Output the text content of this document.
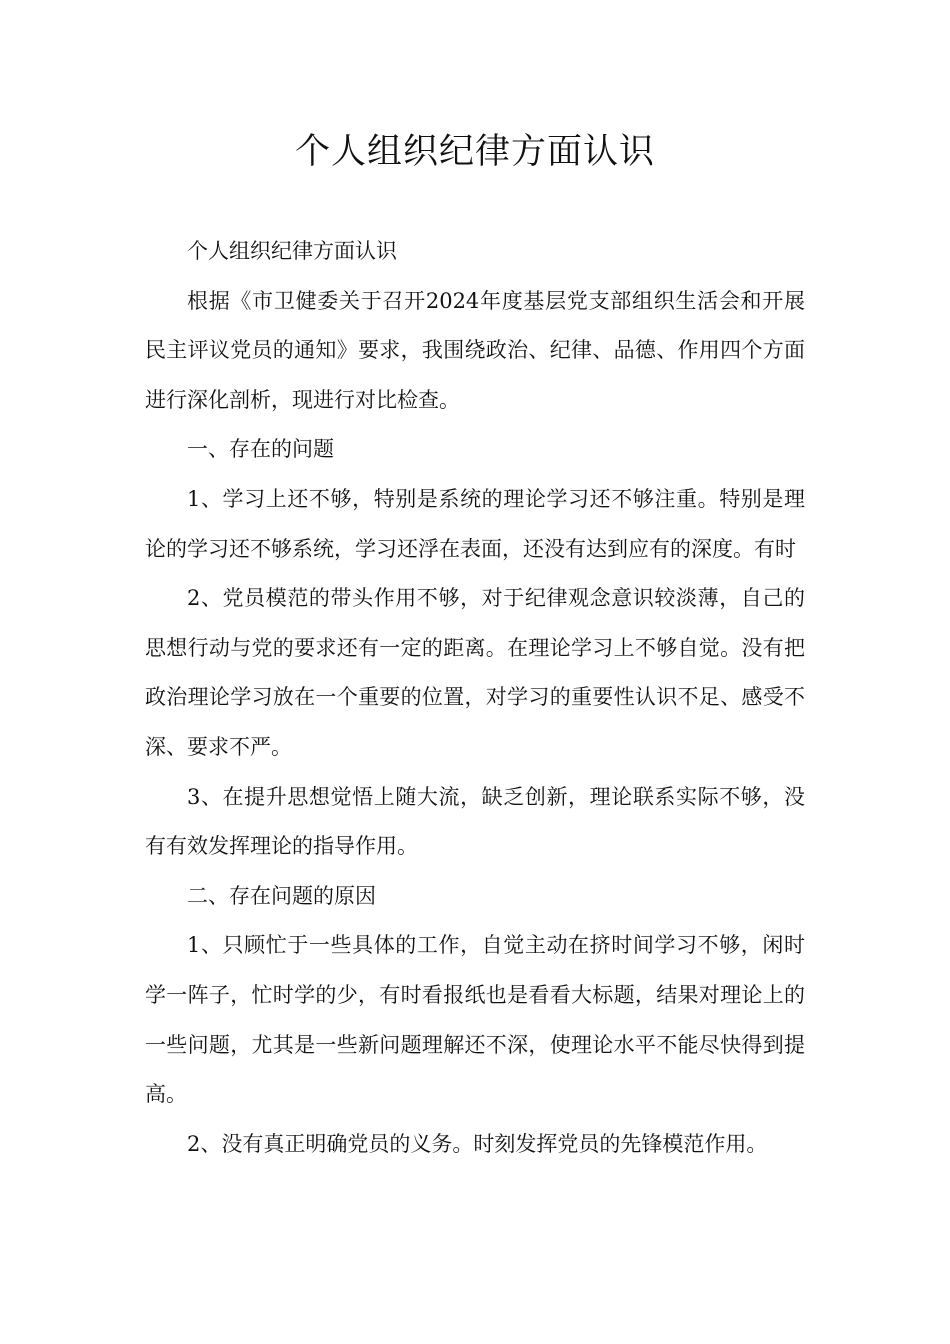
个人组织纪律方面认识

个人组织纪律方面认识

根据《市卫健委关于召开2024年度基层党支部组织生活会和开展民主评议党员的通知》要求，我围绕政治、纪律、品德、作用四个方面进行深化剖析，现进行对比检查。

一、存在的问题

1、学习上还不够，特别是系统的理论学习还不够注重。特别是理论的学习还不够系统，学习还浮在表面，还没有达到应有的深度。有时

2、党员模范的带头作用不够，对于纪律观念意识较淡薄，自己的思想行动与党的要求还有一定的距离。在理论学习上不够自觉。没有把政治理论学习放在一个重要的位置，对学习的重要性认识不足、感受不深、要求不严。

3、在提升思想觉悟上随大流，缺乏创新，理论联系实际不够，没有有效发挥理论的指导作用。

二、存在问题的原因

1、只顾忙于一些具体的工作，自觉主动在挤时间学习不够，闲时学一阵子，忙时学的少，有时看报纸也是看看大标题，结果对理论上的一些问题，尤其是一些新问题理解还不深，使理论水平不能尽快得到提高。

2、没有真正明确党员的义务。时刻发挥党员的先锋模范作用。
